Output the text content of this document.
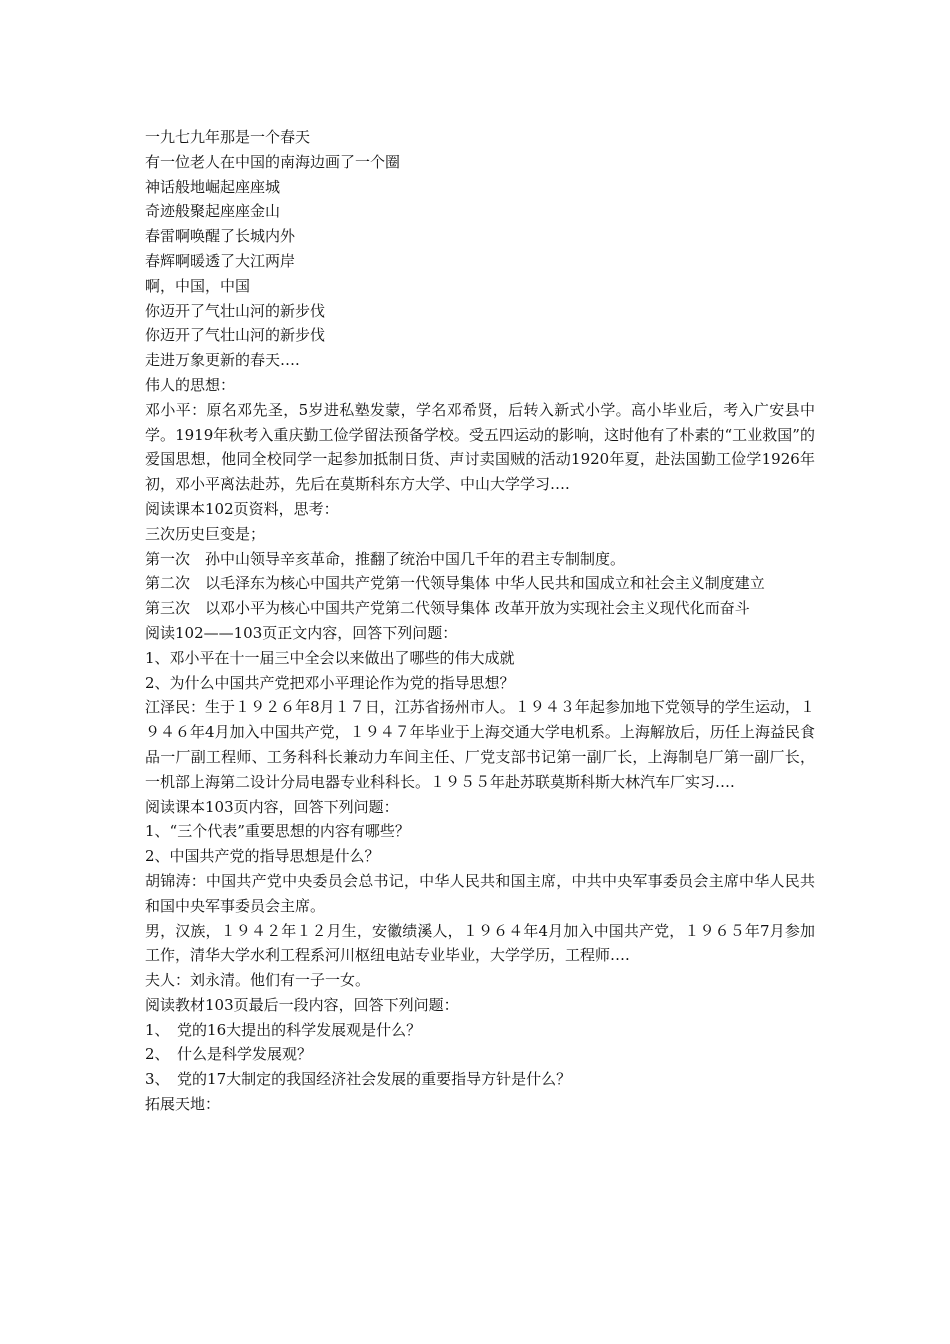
一九七九年那是一个春天
有一位老人在中国的南海边画了一个圈
神话般地崛起座座城
奇迹般聚起座座金山
春雷啊唤醒了长城内外
春辉啊暖透了大江两岸
啊，中国，中国
你迈开了气壮山河的新步伐
你迈开了气壮山河的新步伐
走进万象更新的春天….
伟人的思想：

邓小平：原名邓先圣，5岁进私塾发蒙，学名邓希贤，后转入新式小学。高小毕业后，考入广安县中学。1919年秋考入重庆勤工俭学留法预备学校。受五四运动的影响，这时他有了朴素的“工业救国”的爱国思想，他同全校同学一起参加抵制日货、声讨卖国贼的活动1920年夏，赴法国勤工俭学1926年初，邓小平离法赴苏，先后在莫斯科东方大学、中山大学学习….

阅读课本102页资料，思考：
三次历史巨变是；

第一次　孙中山领导辛亥革命，推翻了统治中国几千年的君主专制制度。

第二次　以毛泽东为核心中国共产党第一代领导集体 中华人民共和国成立和社会主义制度建立

第三次　以邓小平为核心中国共产党第二代领导集体 改革开放为实现社会主义现代化而奋斗

阅读102——103页正文内容，回答下列问题：
1、邓小平在十一届三中全会以来做出了哪些的伟大成就
2、为什么中国共产党把邓小平理论作为党的指导思想？

江泽民：生于１９２６年8月１７日，江苏省扬州市人。１９４３年起参加地下党领导的学生运动，１９４６年4月加入中国共产党，１９４７年毕业于上海交通大学电机系。上海解放后，历任上海益民食品一厂副工程师、工务科科长兼动力车间主任、厂党支部书记第一副厂长，上海制皂厂第一副厂长，一机部上海第二设计分局电器专业科科长。１９５５年赴苏联莫斯科斯大林汽车厂实习….

阅读课本103页内容，回答下列问题：
1、“三个代表”重要思想的内容有哪些？
2、中国共产党的指导思想是什么？

胡锦涛：中国共产党中央委员会总书记，中华人民共和国主席，中共中央军事委员会主席中华人民共和国中央军事委员会主席。

男，汉族，１９４２年１２月生，安徽绩溪人，１９６４年4月加入中国共产党，１９６５年7月参加工作，清华大学水利工程系河川枢纽电站专业毕业，大学学历，工程师….

夫人：刘永清。他们有一子一女。
阅读教材103页最后一段内容，回答下列问题：
1、　党的16大提出的科学发展观是什么？
2、　什么是科学发展观？
3、　党的17大制定的我国经济社会发展的重要指导方针是什么？
拓展天地：
